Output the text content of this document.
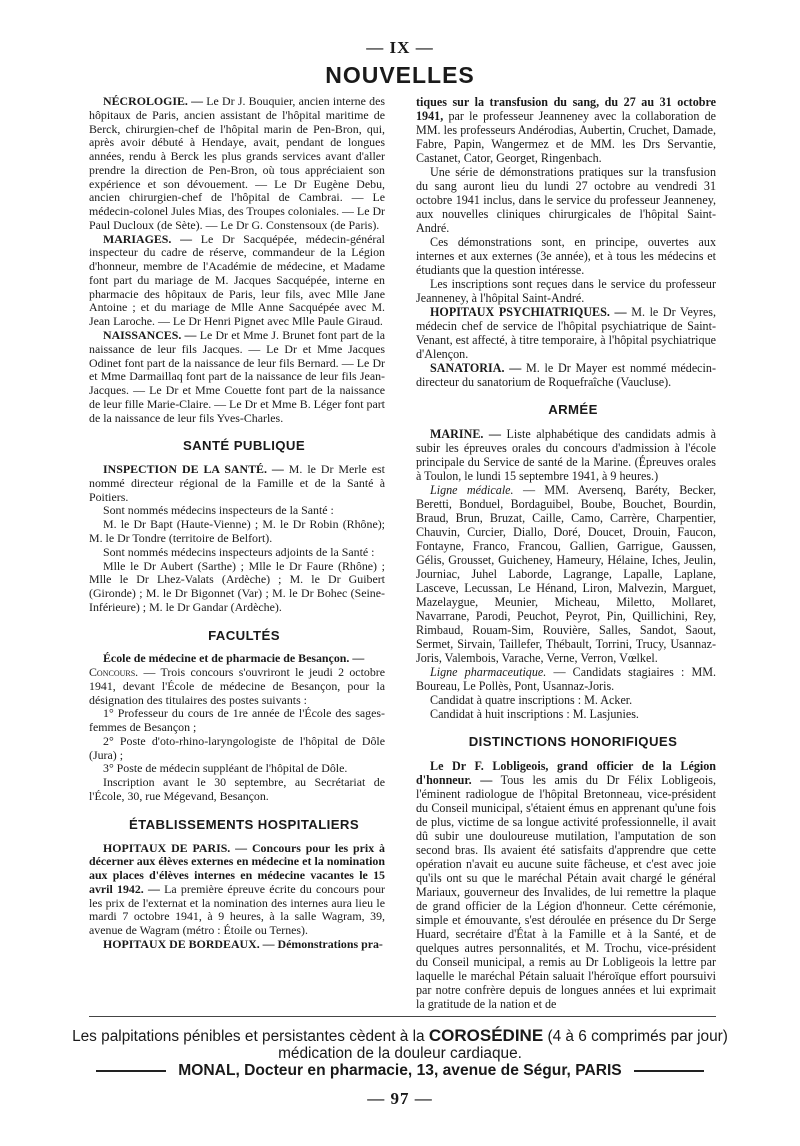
— IX —
NOUVELLES

NÉCROLOGIE. — Le Dr J. Bouquier, ancien interne des hôpitaux de Paris, ancien assistant de l'hôpital maritime de Berck, chirurgien-chef de l'hôpital marin de Pen-Bron, qui, après avoir débuté à Hendaye, avait, pendant de longues années, rendu à Berck les plus grands services avant d'aller prendre la direction de Pen-Bron, où tous appréciaient son expérience et son dévouement. — Le Dr Eugène Debu, ancien chirurgien-chef de l'hôpital de Cambrai. — Le médecin-colonel Jules Mias, des Troupes coloniales. — Le Dr Paul Ducloux (de Sète). — Le Dr G. Constensoux (de Paris).

MARIAGES. — Le Dr Sacquépée, médecin-général inspecteur du cadre de réserve, commandeur de la Légion d'honneur, membre de l'Académie de médecine, et Madame font part du mariage de M. Jacques Sacquépée, interne en pharmacie des hôpitaux de Paris, leur fils, avec Mlle Jane Antoine ; et du mariage de Mlle Anne Sacquépée avec M. Jean Laroche. — Le Dr Henri Pignet avec Mlle Paule Giraud.

NAISSANCES. — Le Dr et Mme J. Brunet font part de la naissance de leur fils Jacques. — Le Dr et Mme Jacques Odinet font part de la naissance de leur fils Bernard. — Le Dr et Mme Darmaillaq font part de la naissance de leur fils Jean-Jacques. — Le Dr et Mme Couette font part de la naissance de leur fille Marie-Claire. — Le Dr et Mme B. Léger font part de la naissance de leur fils Yves-Charles.

SANTÉ PUBLIQUE

INSPECTION DE LA SANTÉ. — M. le Dr Merle est nommé directeur régional de la Famille et de la Santé à Poitiers.

Sont nommés médecins inspecteurs de la Santé :

M. le Dr Bapt (Haute-Vienne) ; M. le Dr Robin (Rhône); M. le Dr Tondre (territoire de Belfort).

Sont nommés médecins inspecteurs adjoints de la Santé :

Mlle le Dr Aubert (Sarthe) ; Mlle le Dr Faure (Rhône) ; Mlle le Dr Lhez-Valats (Ardèche) ; M. le Dr Guibert (Gironde) ; M. le Dr Bigonnet (Var) ; M. le Dr Bohec (Seine-Inférieure) ; M. le Dr Gandar (Ardèche).

FACULTÉS

École de médecine et de pharmacie de Besançon. —

Concours. — Trois concours s'ouvriront le jeudi 2 octobre 1941, devant l'École de médecine de Besançon, pour la désignation des titulaires des postes suivants :

1° Professeur du cours de 1re année de l'École des sages-femmes de Besançon ;

2° Poste d'oto-rhino-laryngologiste de l'hôpital de Dôle (Jura) ;

3° Poste de médecin suppléant de l'hôpital de Dôle.

Inscription avant le 30 septembre, au Secrétariat de l'École, 30, rue Mégevand, Besançon.

ÉTABLISSEMENTS HOSPITALIERS

HOPITAUX DE PARIS. — Concours pour les prix à décerner aux élèves externes en médecine et la nomination aux places d'élèves internes en médecine vacantes le 15 avril 1942. — La première épreuve écrite du concours pour les prix de l'externat et la nomination des internes aura lieu le mardi 7 octobre 1941, à 9 heures, à la salle Wagram, 39, avenue de Wagram (métro : Étoile ou Ternes).

HOPITAUX DE BORDEAUX. — Démonstrations pra-

tiques sur la transfusion du sang, du 27 au 31 octobre 1941, par le professeur Jeanneney avec la collaboration de MM. les professeurs Andérodias, Aubertin, Cruchet, Damade, Fabre, Papin, Wangermez et de MM. les Drs Servantie, Castanet, Cator, Georget, Ringenbach.

Une série de démonstrations pratiques sur la transfusion du sang auront lieu du lundi 27 octobre au vendredi 31 octobre 1941 inclus, dans le service du professeur Jeanneney, aux nouvelles cliniques chirurgicales de l'hôpital Saint-André.

Ces démonstrations sont, en principe, ouvertes aux internes et aux externes (3e année), et à tous les médecins et étudiants que la question intéresse.

Les inscriptions sont reçues dans le service du professeur Jeanneney, à l'hôpital Saint-André.

HOPITAUX PSYCHIATRIQUES. — M. le Dr Veyres, médecin chef de service de l'hôpital psychiatrique de Saint-Venant, est affecté, à titre temporaire, à l'hôpital psychiatrique d'Alençon.

SANATORIA. — M. le Dr Mayer est nommé médecin-directeur du sanatorium de Roquefraîche (Vaucluse).

ARMÉE

MARINE. — Liste alphabétique des candidats admis à subir les épreuves orales du concours d'admission à l'école principale du Service de santé de la Marine. (Épreuves orales à Toulon, le lundi 15 septembre 1941, à 9 heures.)

Ligne médicale. — MM. Aversenq, Baréty, Becker, Beretti, Bonduel, Bordaguibel, Boube, Bouchet, Bourdin, Braud, Brun, Bruzat, Caille, Camo, Carrère, Charpentier, Chauvin, Curcier, Diallo, Doré, Doucet, Drouin, Faucon, Fontayne, Franco, Francou, Gallien, Garrigue, Gaussen, Gélis, Grousset, Guicheney, Hameury, Hélaine, Iches, Jeulin, Journiac, Juhel Laborde, Lagrange, Lapalle, Laplane, Lasceve, Lecussan, Le Hénand, Liron, Malvezin, Marguet, Mazelaygue, Meunier, Micheau, Miletto, Mollaret, Navarrane, Parodi, Peuchot, Peyrot, Pin, Quillichini, Rey, Rimbaud, Rouam-Sim, Rouvière, Salles, Sandot, Saout, Sermet, Sirvain, Taillefer, Thébault, Torrini, Trucy, Usannaz-Joris, Valembois, Varache, Verne, Verron, Vœlkel.

Ligne pharmaceutique. — Candidats stagiaires : MM. Boureau, Le Pollès, Pont, Usannaz-Joris.

Candidat à quatre inscriptions : M. Acker.

Candidat à huit inscriptions : M. Lasjunies.

DISTINCTIONS HONORIFIQUES

Le Dr F. Lobligeois, grand officier de la Légion d'honneur. — Tous les amis du Dr Félix Lobligeois, l'éminent radiologue de l'hôpital Bretonneau, vice-président du Conseil municipal, s'étaient émus en apprenant qu'une fois de plus, victime de sa longue activité professionnelle, il avait dû subir une douloureuse mutilation, l'amputation de son second bras. Ils avaient été satisfaits d'apprendre que cette opération n'avait eu aucune suite fâcheuse, et c'est avec joie qu'ils ont su que le maréchal Pétain avait chargé le général Mariaux, gouverneur des Invalides, de lui remettre la plaque de grand officier de la Légion d'honneur. Cette cérémonie, simple et émouvante, s'est déroulée en présence du Dr Serge Huard, secrétaire d'État à la Famille et à la Santé, et de quelques autres personnalités, et M. Trochu, vice-président du Conseil municipal, a remis au Dr Lobligeois la lettre par laquelle le maréchal Pétain saluait l'héroïque effort poursuivi par notre confrère depuis de longues années et lui exprimait la gratitude de la nation et de

Les palpitations pénibles et persistantes cèdent à la COROSÉDINE (4 à 6 comprimés par jour)
médication de la douleur cardiaque.
MONAL, Docteur en pharmacie, 13, avenue de Ségur, PARIS
— 97 —
